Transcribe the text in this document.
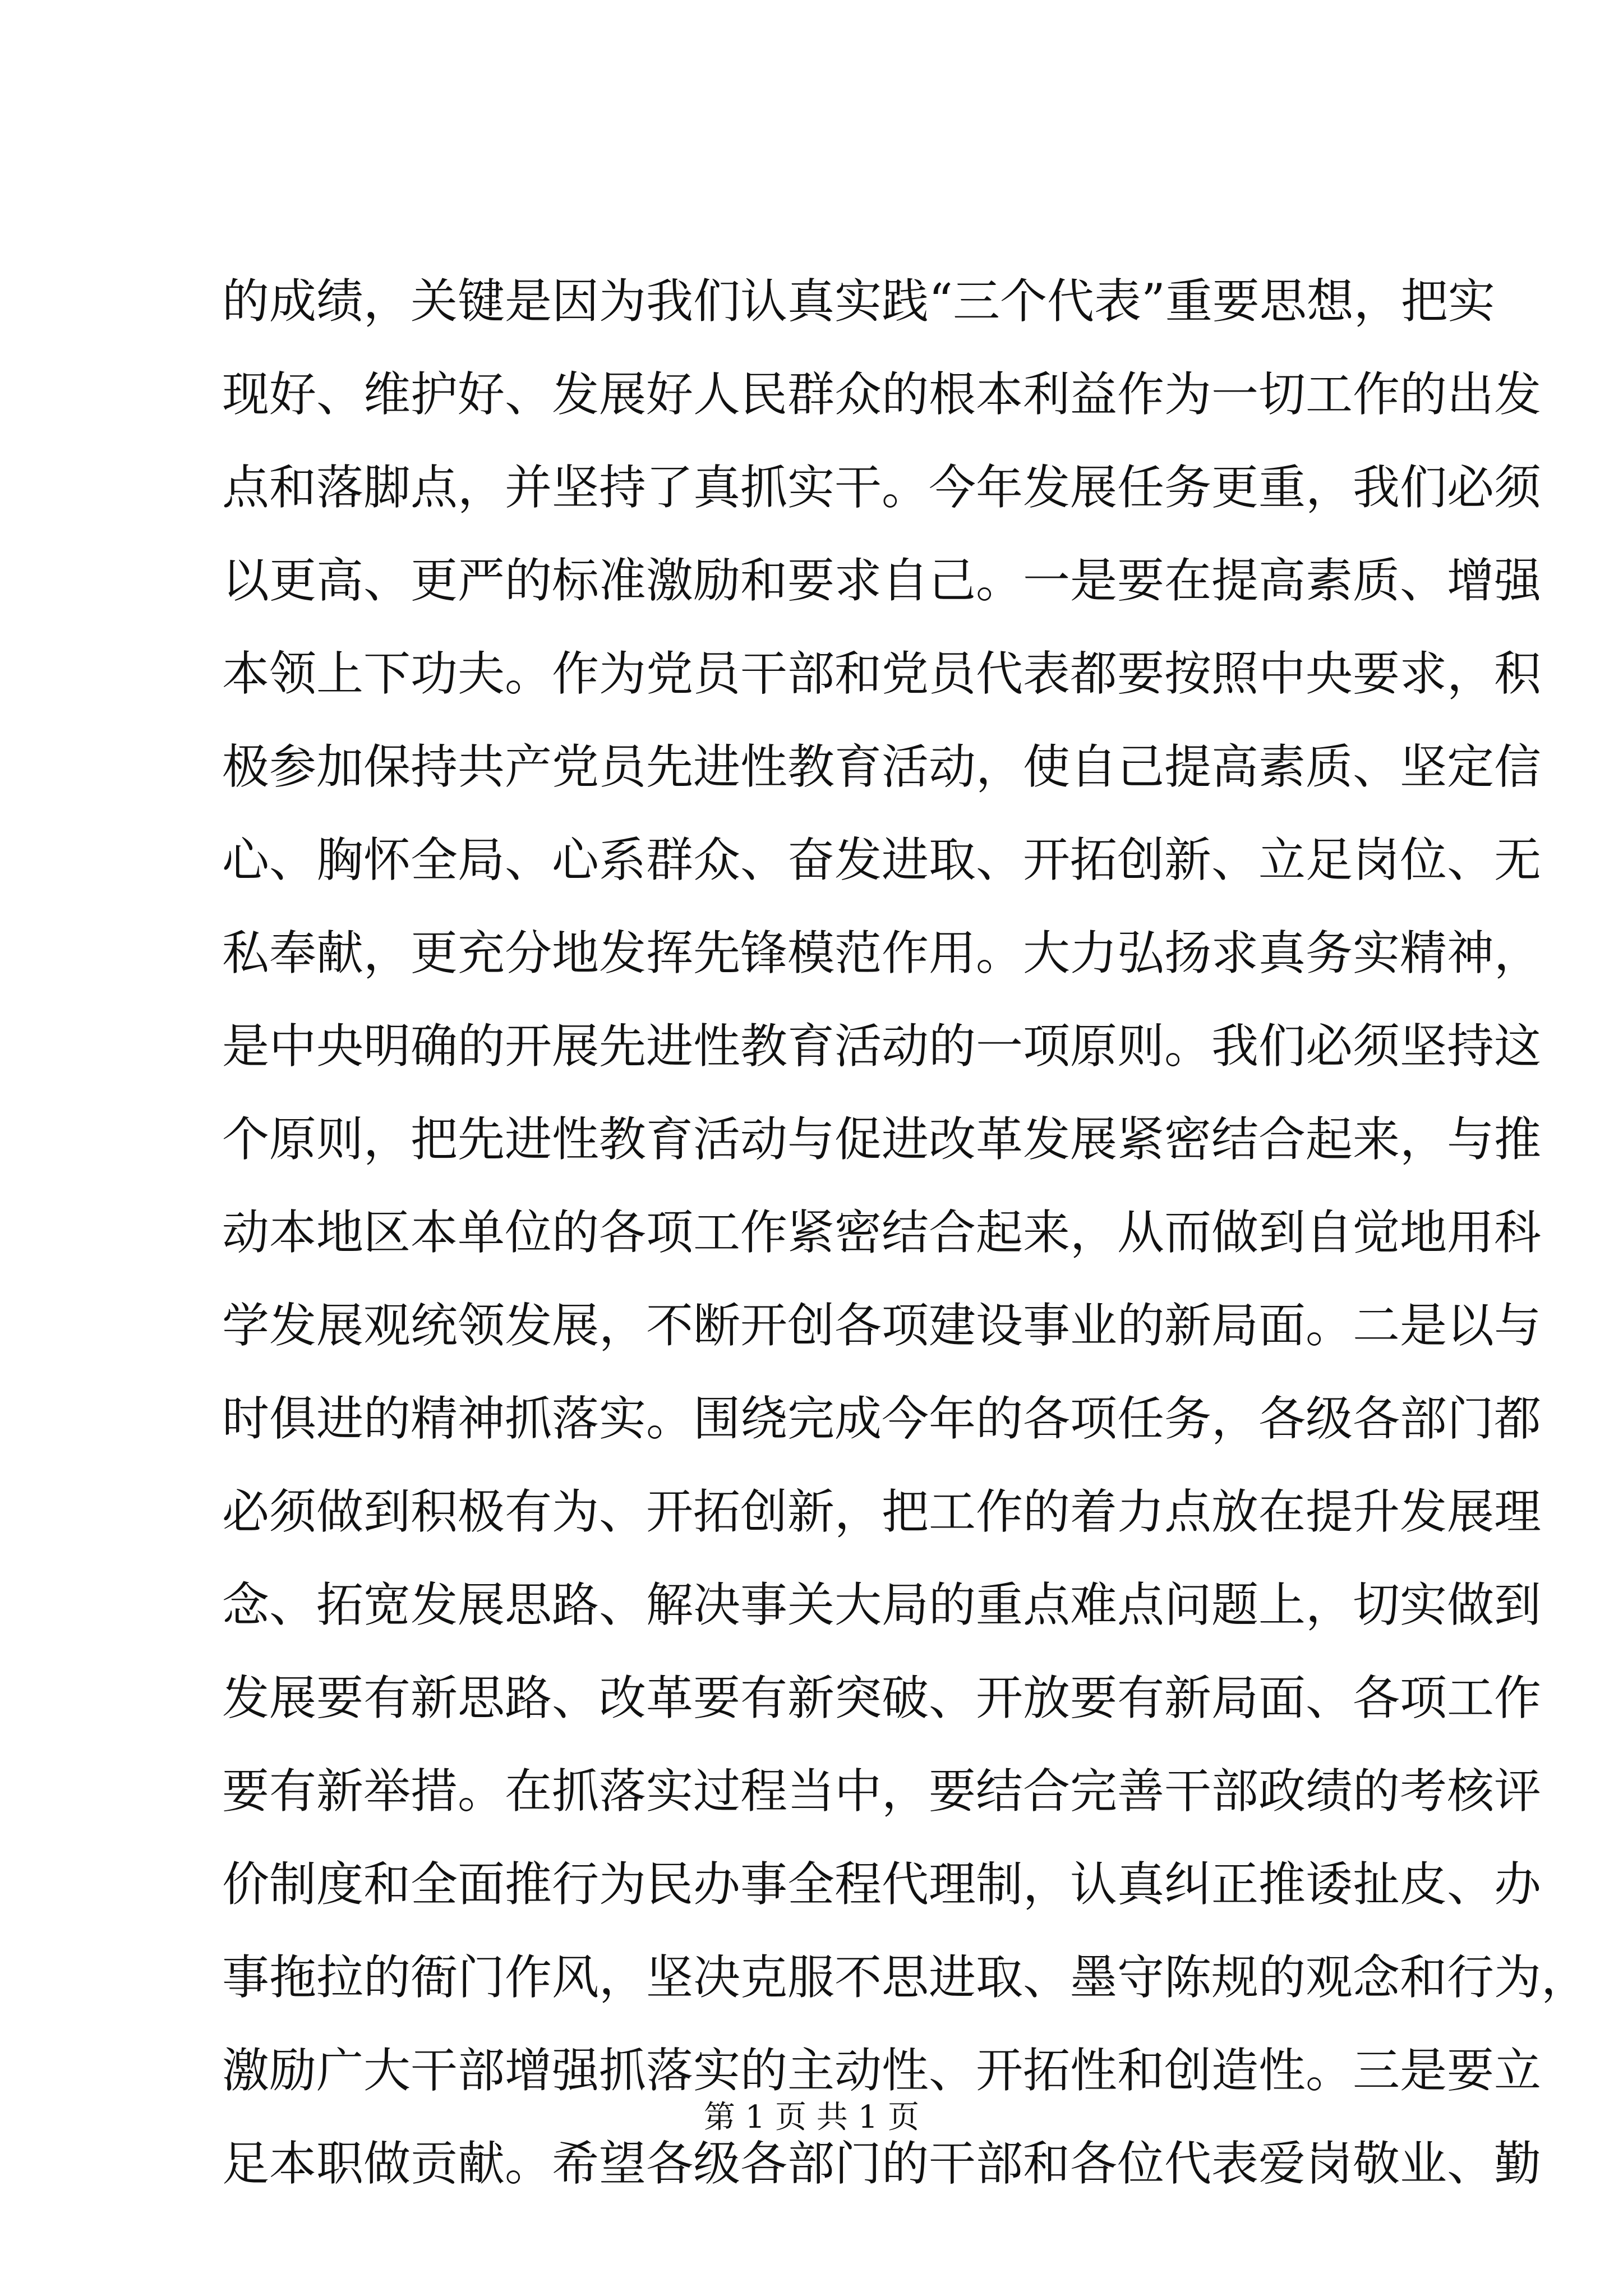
的成绩，关键是因为我们认真实践“三个代表”重要思想，把实
现好、维护好、发展好人民群众的根本利益作为一切工作的出发
点和落脚点，并坚持了真抓实干。今年发展任务更重，我们必须
以更高、更严的标准激励和要求自己。一是要在提高素质、增强
本领上下功夫。作为党员干部和党员代表都要按照中央要求，积
极参加保持共产党员先进性教育活动，使自己提高素质、坚定信
心、胸怀全局、心系群众、奋发进取、开拓创新、立足岗位、无
私奉献，更充分地发挥先锋模范作用。大力弘扬求真务实精神，
是中央明确的开展先进性教育活动的一项原则。我们必须坚持这
个原则，把先进性教育活动与促进改革发展紧密结合起来，与推
动本地区本单位的各项工作紧密结合起来，从而做到自觉地用科
学发展观统领发展，不断开创各项建设事业的新局面。二是以与
时俱进的精神抓落实。围绕完成今年的各项任务，各级各部门都
必须做到积极有为、开拓创新，把工作的着力点放在提升发展理
念、拓宽发展思路、解决事关大局的重点难点问题上，切实做到
发展要有新思路、改革要有新突破、开放要有新局面、各项工作
要有新举措。在抓落实过程当中，要结合完善干部政绩的考核评
价制度和全面推行为民办事全程代理制，认真纠正推诿扯皮、办
事拖拉的衙门作风，坚决克服不思进取、墨守陈规的观念和行为，
激励广大干部增强抓落实的主动性、开拓性和创造性。三是要立
足本职做贡献。希望各级各部门的干部和各位代表爱岗敬业、勤
第 1 页 共 1 页
